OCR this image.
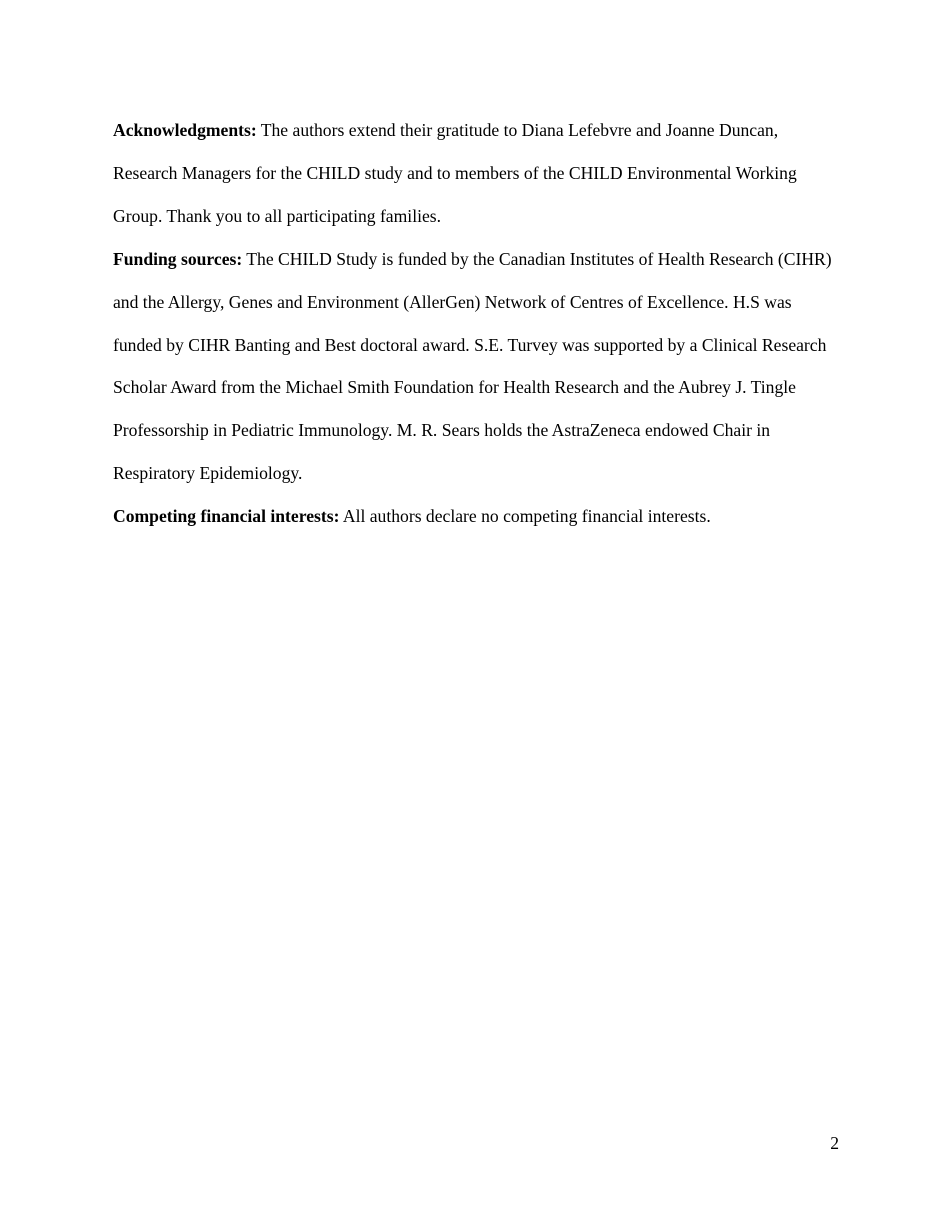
Acknowledgments: The authors extend their gratitude to Diana Lefebvre and Joanne Duncan, Research Managers for the CHILD study and to members of the CHILD Environmental Working Group. Thank you to all participating families.

Funding sources: The CHILD Study is funded by the Canadian Institutes of Health Research (CIHR) and the Allergy, Genes and Environment (AllerGen) Network of Centres of Excellence. H.S was funded by CIHR Banting and Best doctoral award. S.E. Turvey was supported by a Clinical Research Scholar Award from the Michael Smith Foundation for Health Research and the Aubrey J. Tingle Professorship in Pediatric Immunology. M. R. Sears holds the AstraZeneca endowed Chair in Respiratory Epidemiology.

Competing financial interests: All authors declare no competing financial interests.

2
